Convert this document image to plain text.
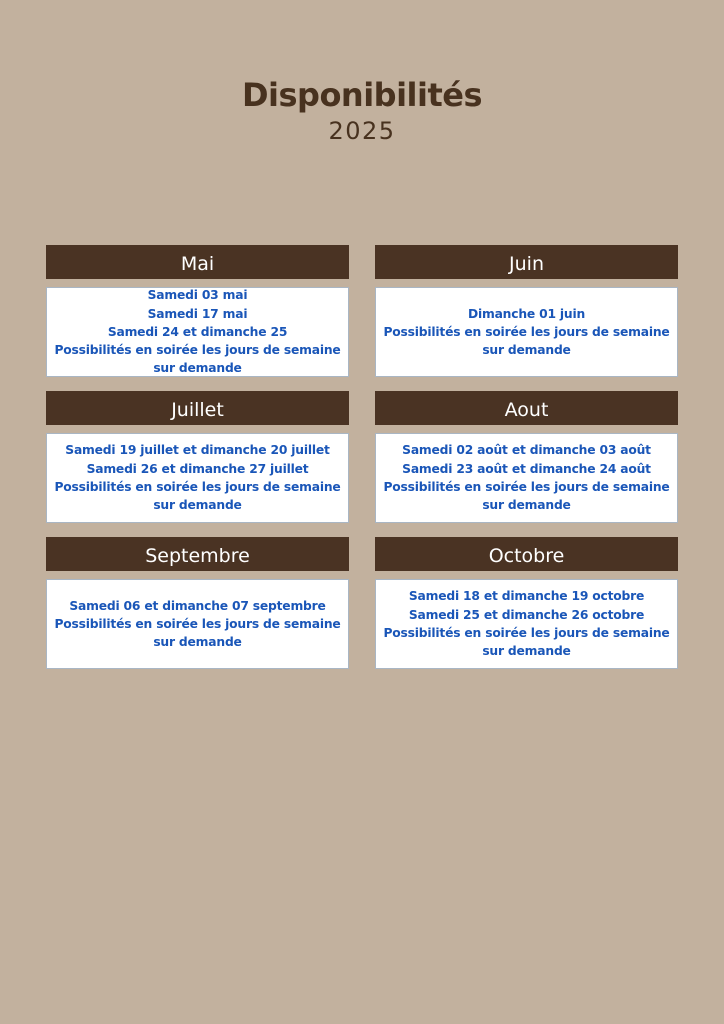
Disponibilités
2025
Mai
Samedi 03 mai
Samedi 17 mai
Samedi 24 et dimanche 25
Possibilités en soirée les jours de semaine
sur demande
Juin
Dimanche 01 juin
Possibilités en soirée les jours de semaine
sur demande
Juillet
Samedi 19 juillet et dimanche 20 juillet
Samedi 26 et dimanche 27 juillet
Possibilités en soirée les jours de semaine
sur demande
Aout
Samedi 02 août et dimanche 03 août
Samedi 23 août et dimanche 24 août
Possibilités en soirée les jours de semaine
sur demande
Septembre
Samedi 06 et dimanche 07 septembre
Possibilités en soirée les jours de semaine
sur demande
Octobre
Samedi 18 et dimanche 19 octobre
Samedi 25 et dimanche 26 octobre
Possibilités en soirée les jours de semaine
sur demande
